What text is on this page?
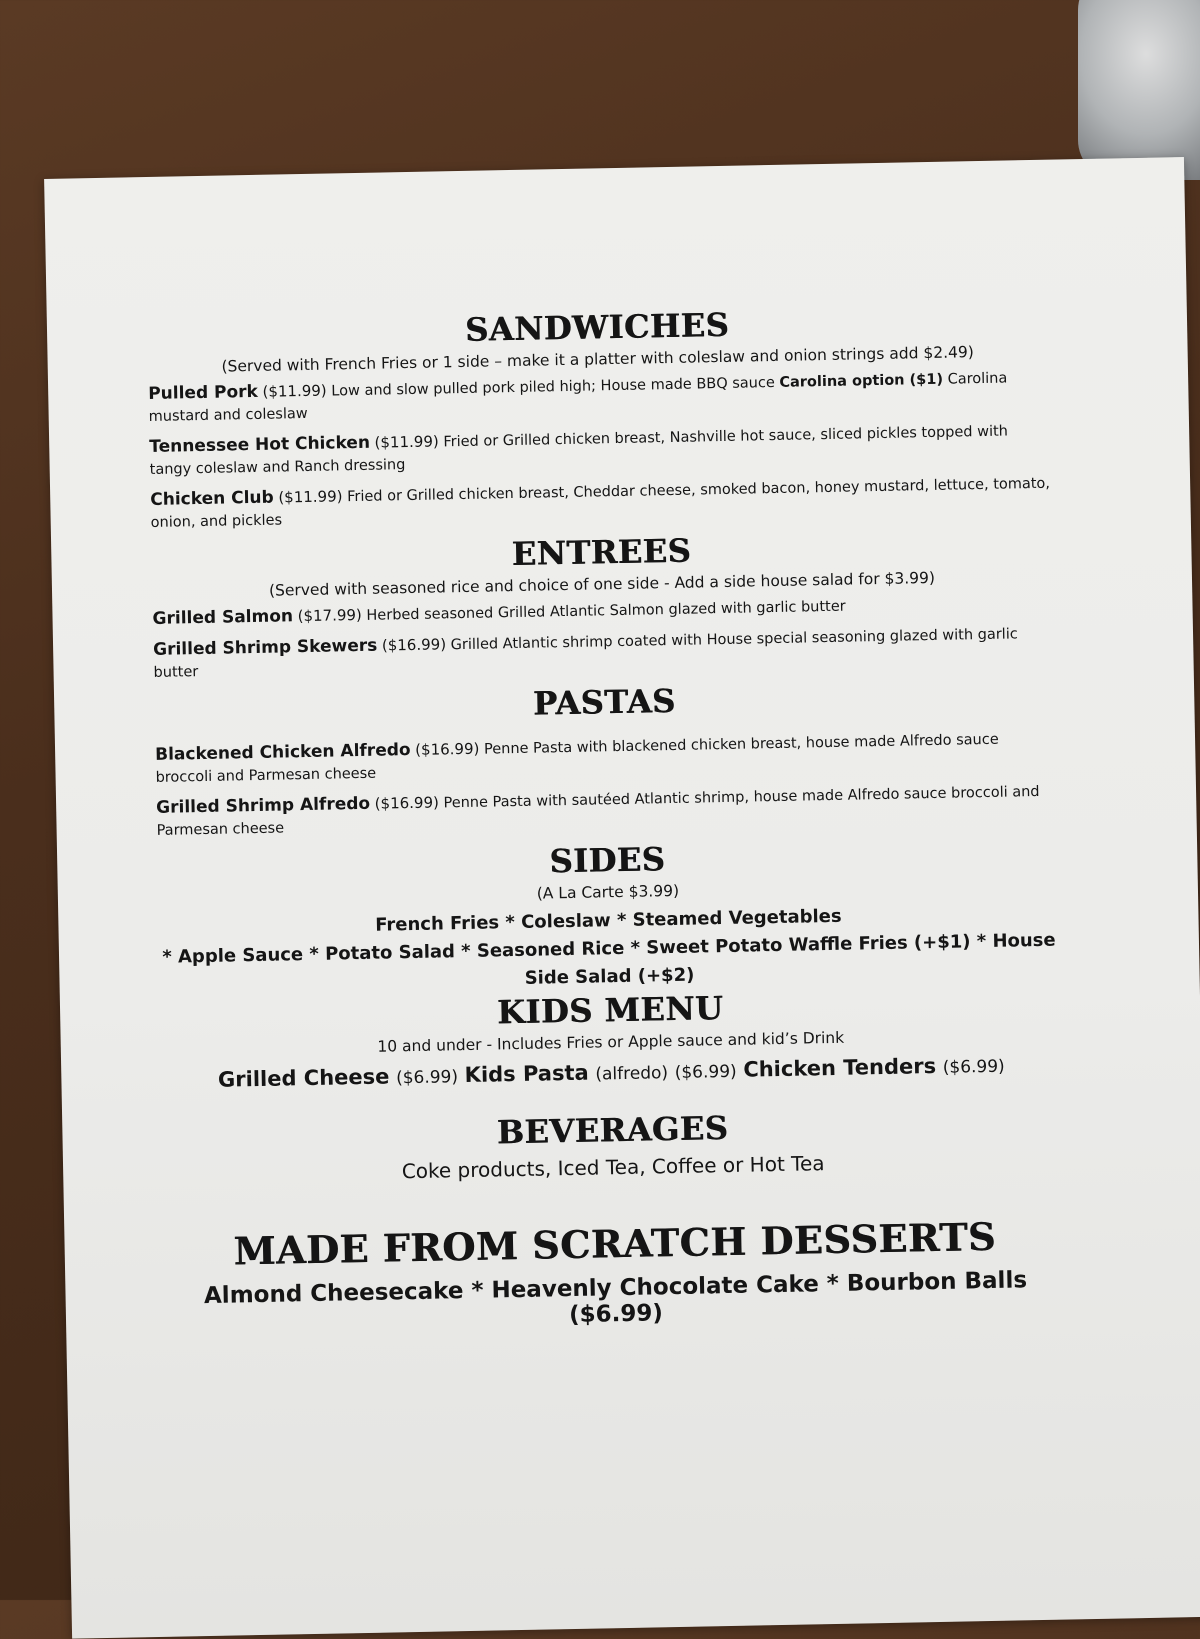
SANDWICHES
(Served with French Fries or 1 side – make it a platter with coleslaw and onion strings add $2.49)
Pulled Pork ($11.99) Low and slow pulled pork piled high; House made BBQ sauce Carolina option ($1) Carolina mustard and coleslaw
Tennessee Hot Chicken ($11.99) Fried or Grilled chicken breast, Nashville hot sauce, sliced pickles topped with tangy coleslaw and Ranch dressing
Chicken Club ($11.99) Fried or Grilled chicken breast, Cheddar cheese, smoked bacon, honey mustard, lettuce, tomato, onion, and pickles
ENTREES
(Served with seasoned rice and choice of one side - Add a side house salad for $3.99)
Grilled Salmon ($17.99) Herbed seasoned Grilled Atlantic Salmon glazed with garlic butter
Grilled Shrimp Skewers ($16.99) Grilled Atlantic shrimp coated with House special seasoning glazed with garlic butter
PASTAS
Blackened Chicken Alfredo ($16.99) Penne Pasta with blackened chicken breast, house made Alfredo sauce broccoli and Parmesan cheese
Grilled Shrimp Alfredo ($16.99) Penne Pasta with sautéed Atlantic shrimp, house made Alfredo sauce broccoli and Parmesan cheese
SIDES
(A La Carte $3.99)
French Fries * Coleslaw * Steamed Vegetables
* Apple Sauce * Potato Salad * Seasoned Rice * Sweet Potato Waffle Fries (+$1) * House Side Salad (+$2)
KIDS MENU
10 and under - Includes Fries or Apple sauce and kid’s Drink
Grilled Cheese ($6.99) Kids Pasta (alfredo) ($6.99) Chicken Tenders ($6.99)
BEVERAGES
Coke products, Iced Tea, Coffee or Hot Tea
MADE FROM SCRATCH DESSERTS
Almond Cheesecake * Heavenly Chocolate Cake * Bourbon Balls ($6.99)
